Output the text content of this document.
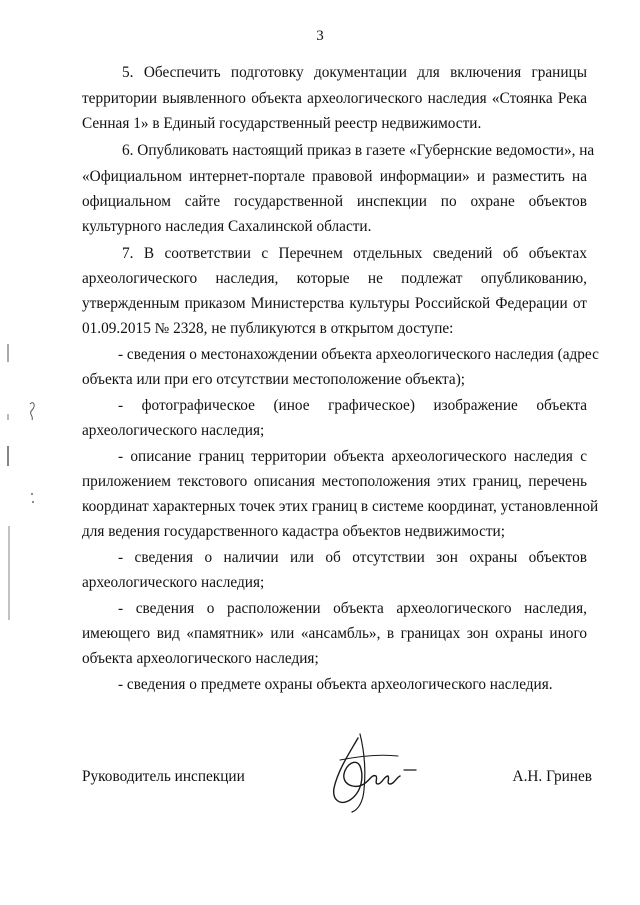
3
5. Обеспечить подготовку документации для включения границы
территории выявленного объекта археологического наследия «Стоянка Река
Сенная 1» в Единый государственный реестр недвижимости.
6. Опубликовать настоящий приказ в газете «Губернские ведомости», на
«Официальном интернет-портале правовой информации» и разместить на
официальном сайте государственной инспекции по охране объектов
культурного наследия Сахалинской области.
7. В соответствии с Перечнем отдельных сведений об объектах
археологического наследия, которые не подлежат опубликованию,
утвержденным приказом Министерства культуры Российской Федерации от
01.09.2015 № 2328, не публикуются в открытом доступе:
- сведения о местонахождении объекта археологического наследия (адрес
объекта или при его отсутствии местоположение объекта);
- фотографическое (иное графическое) изображение объекта
археологического наследия;
- описание границ территории объекта археологического наследия с
приложением текстового описания местоположения этих границ, перечень
координат характерных точек этих границ в системе координат, установленной
для ведения государственного кадастра объектов недвижимости;
- сведения о наличии или об отсутствии зон охраны объектов
археологического наследия;
- сведения о расположении объекта археологического наследия,
имеющего вид «памятник» или «ансамбль», в границах зон охраны иного
объекта археологического наследия;
- сведения о предмете охраны объекта археологического наследия.
Руководитель инспекции	А.Н. Гринев
